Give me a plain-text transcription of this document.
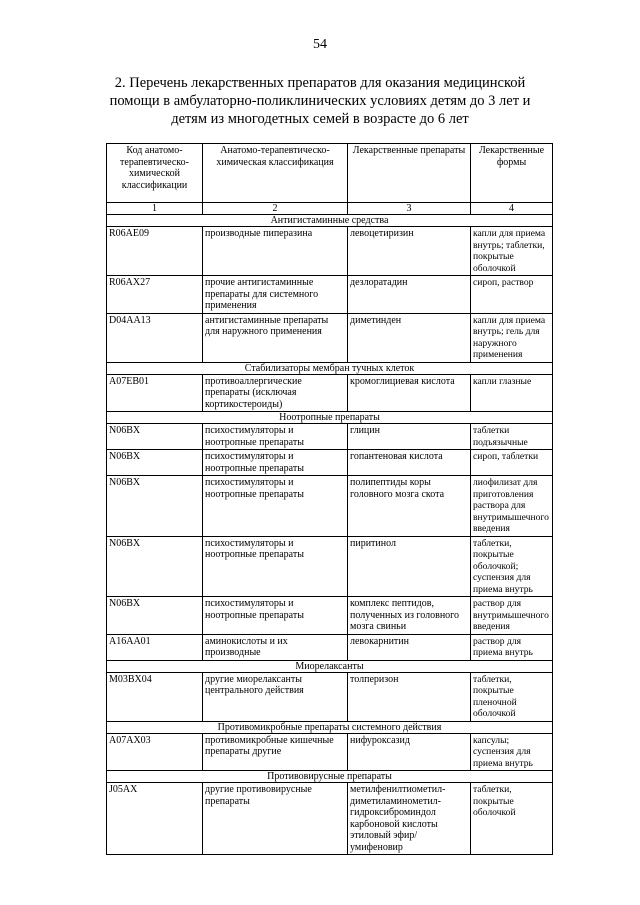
54
2. Перечень лекарственных препаратов для оказания медицинской помощи в амбулаторно-поликлинических условиях детям до 3 лет и детям из многодетных семей в возрасте до 6 лет
Код анатомо-терапевтическо-химической классификации	Анатомо-терапевтическо-химическая классификация	Лекарственные препараты	Лекарственные формы
1	2	3	4
Антигистаминные средства			
R06AE09	производные пиперазина	левоцетиризин	капли для приема внутрь; таблетки, покрытые оболочкой
R06AX27	прочие антигистаминные препараты для системного применения	дезлоратадин	сироп, раствор
D04AA13	антигистаминные препараты для наружного применения	диметинден	капли для приема внутрь; гель для наружного применения
Стабилизаторы мембран тучных клеток			
A07EB01	противоаллергические препараты (исключая кортикостероиды)	кромоглициевая кислота	капли глазные
Ноотропные препараты			
N06BX	психостимуляторы и ноотропные препараты	глицин	таблетки подъязычные
N06BX	психостимуляторы и ноотропные препараты	гопантеновая кислота	сироп, таблетки
N06BX	психостимуляторы и ноотропные препараты	полипептиды коры головного мозга скота	лиофилизат для приготовления раствора для внутримышечного введения
N06BX	психостимуляторы и ноотропные препараты	пиритинол	таблетки, покрытые оболочкой; суспензия для приема внутрь
N06BX	психостимуляторы и ноотропные препараты	комплекс пептидов, полученных из головного мозга свиньи	раствор для внутримышечного введения
A16AA01	аминокислоты и их производные	левокарнитин	раствор для приема внутрь
Миорелаксанты			
M03BX04	другие миорелаксанты центрального действия	толперизон	таблетки, покрытые пленочной оболочкой
Противомикробные препараты системного действия			
A07AX03	противомикробные кишечные препараты другие	нифуроксазид	капсулы; суспензия для приема внутрь
Противовирусные препараты			
J05AX	другие противовирусные препараты	метилфенилтиометил-диметиламинометил-гидроксиброминдол карбоновой кислоты этиловый эфир/ умифеновир	таблетки, покрытые оболочкой
